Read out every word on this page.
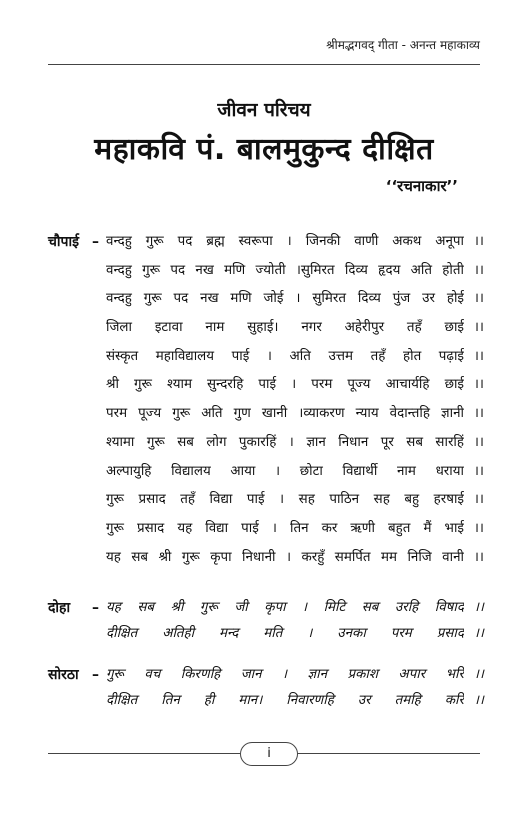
श्रीमद्भगवद् गीता - अनन्त महाकाव्य
जीवन परिचय
महाकवि पं. बालमुकुन्द दीक्षित
‘‘रचनाकार’’
चौपाई – वन्दहु गुरू पद ब्रह्म स्वरूपा । जिनकी वाणी अकथ अनूपा ।।
वन्दहु गुरू पद नख मणि ज्योती ।सुमिरत दिव्य हृदय अति होती ।।
वन्दहु गुरू पद नख मणि जोई । सुमिरत दिव्य पुंज उर होई ।।
जिला इटावा नाम सुहाई। नगर अहेरीपुर तहँ छाई ।।
संस्कृत महाविद्यालय पाई । अति उत्तम तहँ होत पढ़ाई ।।
श्री गुरू श्याम सुन्दरहि पाई । परम पूज्य आचार्यहि छाई ।।
परम पूज्य गुरू अति गुण खानी ।व्याकरण न्याय वेदान्तहि ज्ञानी ।।
श्यामा गुरू सब लोग पुकारहिं । ज्ञान निधान पूर सब सारहिं ।।
अल्पायुहि विद्यालय आया । छोटा विद्यार्थी नाम धराया ।।
गुरू प्रसाद तहँ विद्या पाई । सह पाठिन सह बहु हरषाई ।।
गुरू प्रसाद यह विद्या पाई । तिन कर ऋणी बहुत मैं भाई ।।
यह सब श्री गुरू कृपा निधानी । करहुँ समर्पित मम निजि वानी ।।
दोहा – यह सब श्री गुरू जी कृपा । मिटि सब उरहि विषाद ।।
दीक्षित अतिही मन्द मति । उनका परम प्रसाद ।।
सोरठा – गुरू वच किरणहि जान । ज्ञान प्रकाश अपार भरि ।।
दीक्षित तिन ही मान। निवारणहि उर तमहि करि ।।
i
